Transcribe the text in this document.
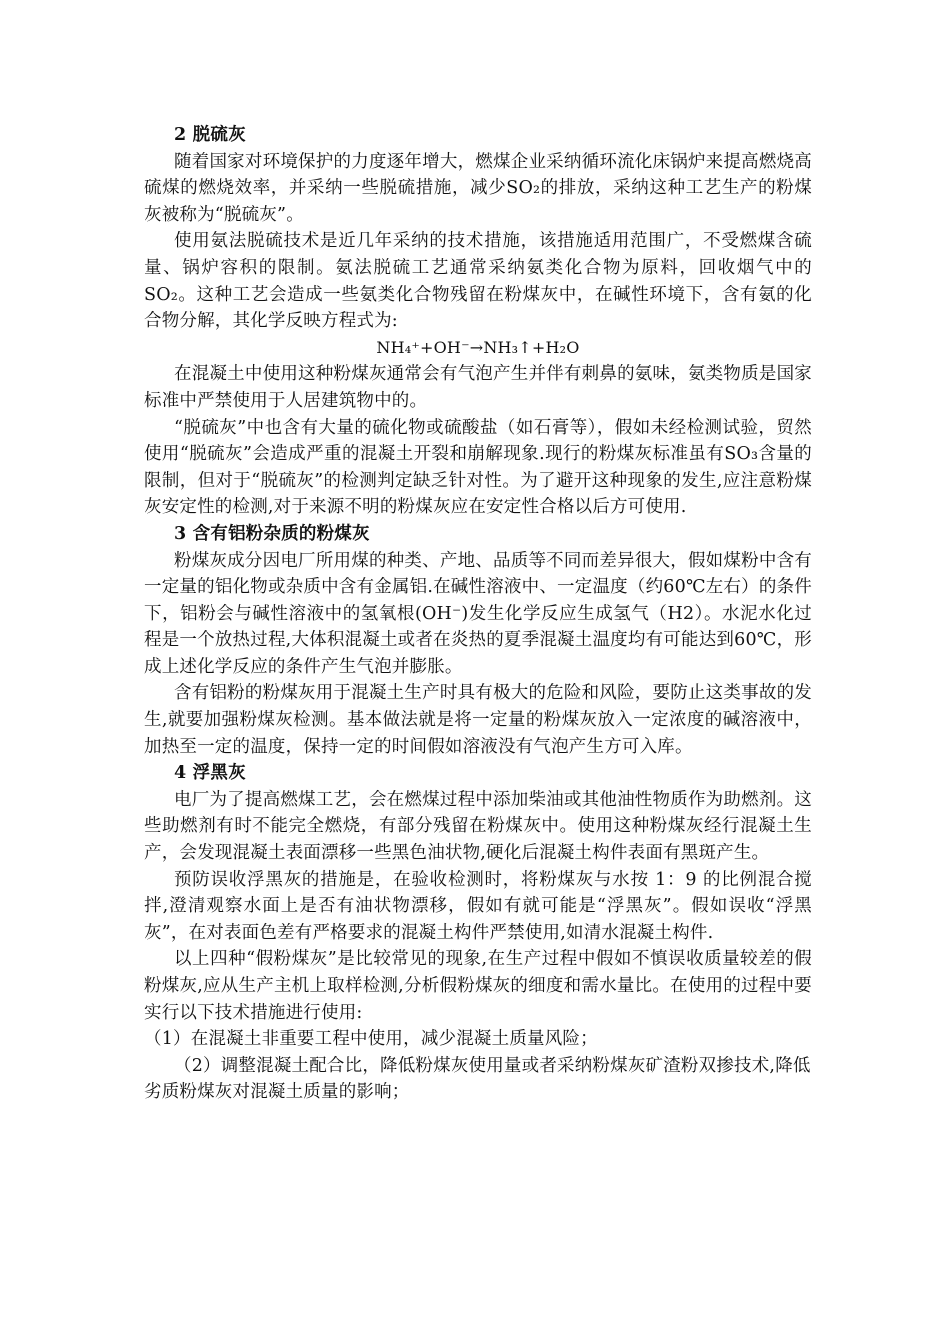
2 脱硫灰

随着国家对环境保护的力度逐年增大，燃煤企业采纳循环流化床锅炉来提高燃烧高硫煤的燃烧效率，并采纳一些脱硫措施，减少SO₂的排放，采纳这种工艺生产的粉煤灰被称为“脱硫灰”。

使用氨法脱硫技术是近几年采纳的技术措施，该措施适用范围广，不受燃煤含硫量、锅炉容积的限制。氨法脱硫工艺通常采纳氨类化合物为原料，回收烟气中的SO₂。这种工艺会造成一些氨类化合物残留在粉煤灰中，在碱性环境下，含有氨的化合物分解，其化学反映方程式为:

NH₄⁺+OH⁻→NH₃↑+H₂O

在混凝土中使用这种粉煤灰通常会有气泡产生并伴有刺鼻的氨味，氨类物质是国家标准中严禁使用于人居建筑物中的。

“脱硫灰”中也含有大量的硫化物或硫酸盐（如石膏等），假如未经检测试验，贸然使用“脱硫灰”会造成严重的混凝土开裂和崩解现象.现行的粉煤灰标准虽有SO₃含量的限制，但对于“脱硫灰”的检测判定缺乏针对性。为了避开这种现象的发生,应注意粉煤灰安定性的检测,对于来源不明的粉煤灰应在安定性合格以后方可使用.

3 含有铝粉杂质的粉煤灰

粉煤灰成分因电厂所用煤的种类、产地、品质等不同而差异很大，假如煤粉中含有一定量的铝化物或杂质中含有金属铝.在碱性溶液中、一定温度（约60℃左右）的条件下，铝粉会与碱性溶液中的氢氧根(OH⁻)发生化学反应生成氢气（H2）。水泥水化过程是一个放热过程,大体积混凝土或者在炎热的夏季混凝土温度均有可能达到60℃，形成上述化学反应的条件产生气泡并膨胀。

含有铝粉的粉煤灰用于混凝土生产时具有极大的危险和风险，要防止这类事故的发生,就要加强粉煤灰检测。基本做法就是将一定量的粉煤灰放入一定浓度的碱溶液中，加热至一定的温度，保持一定的时间假如溶液没有气泡产生方可入库。

4 浮黑灰

电厂为了提高燃煤工艺，会在燃煤过程中添加柴油或其他油性物质作为助燃剂。这些助燃剂有时不能完全燃烧，有部分残留在粉煤灰中。使用这种粉煤灰经行混凝土生产，会发现混凝土表面漂移一些黑色油状物,硬化后混凝土构件表面有黑斑产生。

预防误收浮黑灰的措施是，在验收检测时，将粉煤灰与水按 1：9 的比例混合搅拌,澄清观察水面上是否有油状物漂移，假如有就可能是“浮黑灰”。假如误收“浮黑灰”，在对表面色差有严格要求的混凝土构件严禁使用,如清水混凝土构件.

以上四种“假粉煤灰”是比较常见的现象,在生产过程中假如不慎误收质量较差的假粉煤灰,应从生产主机上取样检测,分析假粉煤灰的细度和需水量比。在使用的过程中要实行以下技术措施进行使用:

（1）在混凝土非重要工程中使用，减少混凝土质量风险；

（2）调整混凝土配合比，降低粉煤灰使用量或者采纳粉煤灰矿渣粉双掺技术,降低劣质粉煤灰对混凝土质量的影响；
